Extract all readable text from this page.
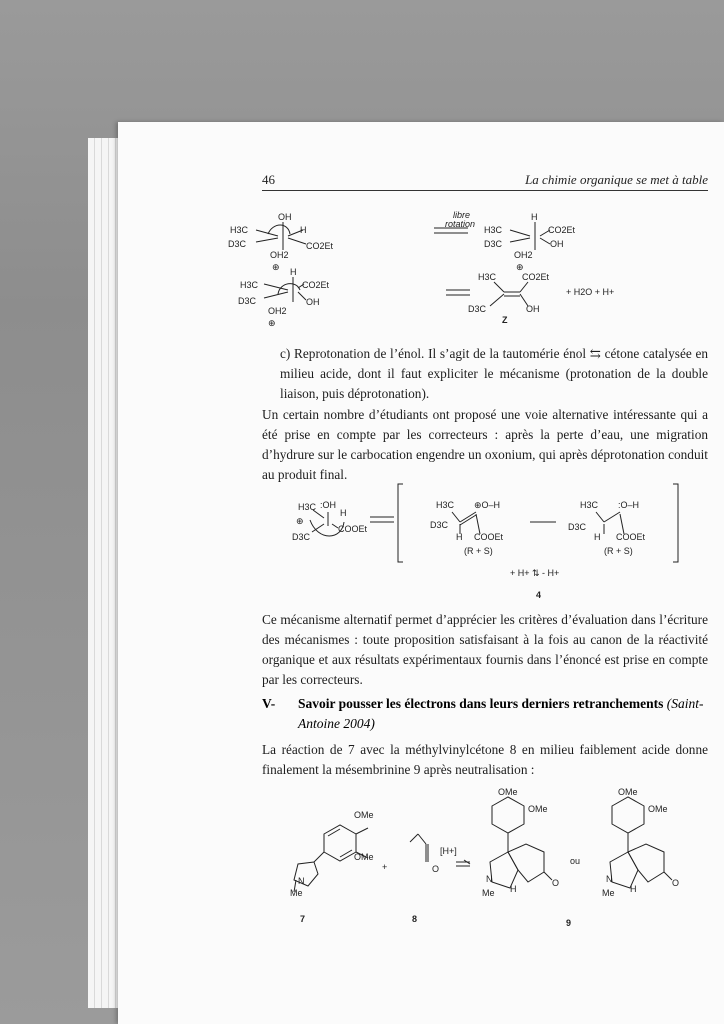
46	La chimie organique se met à table
OH
H3C	H
D3C	CO2Et
OH2
⊕
libre
rotation
H
H3C	CO2Et
D3C	OH
OH2
⊕
H
H3C	CO2Et
D3C	OH
OH2
⊕
H3C	CO2Et
D3C	OH
Z
+ H2O + H+

c) Reprotonation de l’énol. Il s’agit de la tautomérie énol ⇆ cétone catalysée en milieu acide, dont il faut expliciter le mécanisme (protonation de la double liaison, puis déprotonation).

Un certain nombre d’étudiants ont proposé une voie alternative intéressante qui a été prise en compte par les correcteurs : après la perte d’eau, une migration d’hydrure sur le carbocation engendre un oxonium, qui après déprotonation conduit au produit final.

H3C :OH
H
⊕
D3C
COOEt
H3C ⊕O–H
D3C
H COOEt
(R + S)
H3C :O–H
D3C
H COOEt
(R + S)
+ H+ ⇅ - H+
4

Ce mécanisme alternatif permet d’apprécier les critères d’évaluation dans l’écriture des mécanismes : toute proposition satisfaisant à la fois au canon de la réactivité organique et aux résultats expérimentaux fournis dans l’énoncé est prise en compte par les correcteurs.

V- Savoir pousser les électrons dans leurs derniers retranchements (Saint-Antoine 2004)

La réaction de 7 avec la méthylvinylcétone 8 en milieu faiblement acide donne finalement la mésembrinine 9 après neutralisation :

OMe
OMe
N
Me
+	O
[H+]
OMe
OMe
N
Me H
O
ou
OMe
OMe
N
Me H
O
7	8	9
